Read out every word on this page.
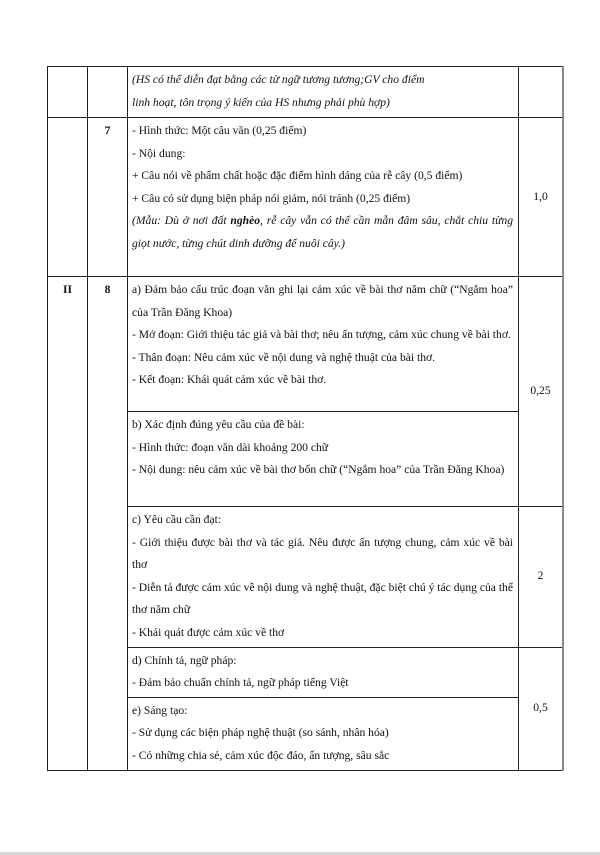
		(HS có thể diễn đạt bằng các từ ngữ tương tương;GV cho điểm
linh hoạt, tôn trọng ý kiến của HS nhưng phải phù hợp)	

	7	- Hình thức: Một câu văn (0,25 điểm)
- Nội dung:
+ Câu nói về phẩm chất hoặc đặc điểm hình dáng của rễ cây (0,5 điểm)
+ Câu có sử dụng biện pháp nói giảm, nói tránh (0,25 điểm)
(Mẫu: Dù ở nơi đất nghèo, rễ cây vẫn có thể cần mẫn đâm sâu, chắt chiu từng giọt nước, từng chút dinh dưỡng để nuôi cây.)	1,0

II	8	a) Đảm bảo cấu trúc đoạn văn ghi lại cảm xúc về bài thơ năm chữ (“Ngắm hoa” của Trần Đăng Khoa)
- Mở đoạn: Giới thiệu tác giả và bài thơ; nêu ấn tượng, cảm xúc chung về bài thơ.
- Thân đoạn: Nêu cảm xúc về nội dung và nghệ thuật của bài thơ.
- Kết đoạn: Khái quát cảm xúc về bài thơ.	0,25

		b) Xác định đúng yêu cầu của đề bài:
- Hình thức: đoạn văn dài khoảng 200 chữ
- Nội dung: nêu cảm xúc về bài thơ bốn chữ (“Ngắm hoa” của Trần Đăng Khoa)	

		c) Yêu cầu cần đạt:
- Giới thiệu được bài thơ và tác giả. Nêu được ấn tượng chung, cảm xúc về bài thơ
- Diễn tả được cảm xúc về nội dung và nghệ thuật, đặc biệt chú ý tác dụng của thể thơ năm chữ
- Khái quát được cảm xúc về thơ	2

		d) Chính tả, ngữ pháp:
- Đảm bảo chuẩn chính tả, ngữ pháp tiếng Việt	0,5

		e) Sáng tạo:
- Sử dụng các biện pháp nghệ thuật (so sánh, nhân hóa)
- Có những chia sẻ, cảm xúc độc đáo, ấn tượng, sâu sắc	
